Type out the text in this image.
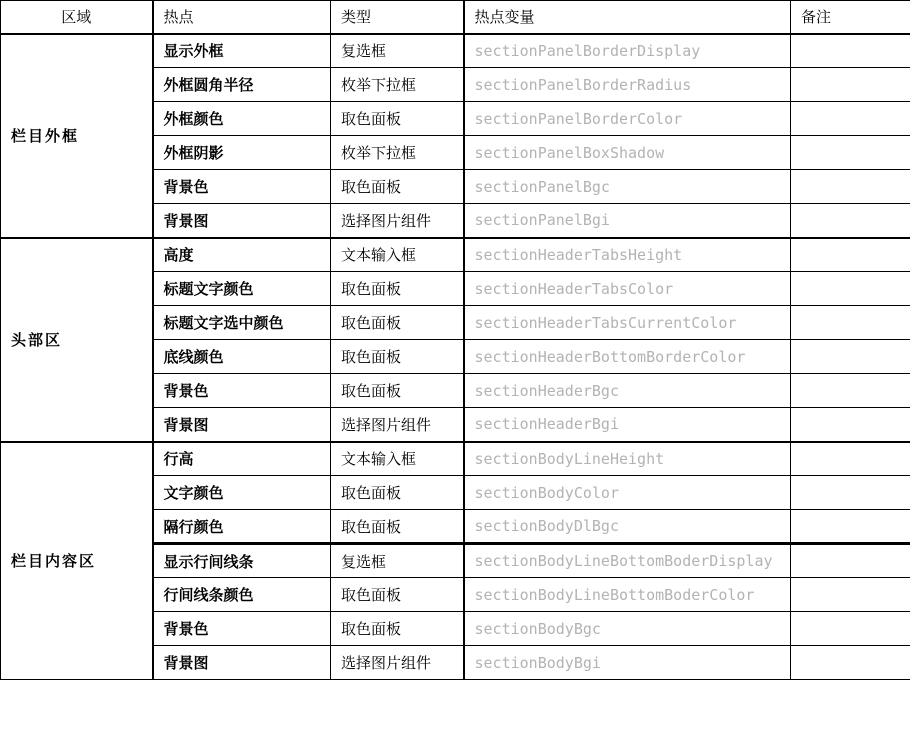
区域	热点	类型	热点变量	备注
栏目外框	显示外框	复选框	sectionPanelBorderDisplay	
	外框圆角半径	枚举下拉框	sectionPanelBorderRadius	
	外框颜色	取色面板	sectionPanelBorderColor	
	外框阴影	枚举下拉框	sectionPanelBoxShadow	
	背景色	取色面板	sectionPanelBgc	
	背景图	选择图片组件	sectionPanelBgi	
头部区	高度	文本输入框	sectionHeaderTabsHeight	
	标题文字颜色	取色面板	sectionHeaderTabsColor	
	标题文字选中颜色	取色面板	sectionHeaderTabsCurrentColor	
	底线颜色	取色面板	sectionHeaderBottomBorderColor	
	背景色	取色面板	sectionHeaderBgc	
	背景图	选择图片组件	sectionHeaderBgi	
栏目内容区	行高	文本输入框	sectionBodyLineHeight	
	文字颜色	取色面板	sectionBodyColor	
	隔行颜色	取色面板	sectionBodyDlBgc	
	显示行间线条	复选框	sectionBodyLineBottomBoderDisplay	
	行间线条颜色	取色面板	sectionBodyLineBottomBoderColor	
	背景色	取色面板	sectionBodyBgc	
	背景图	选择图片组件	sectionBodyBgi	
